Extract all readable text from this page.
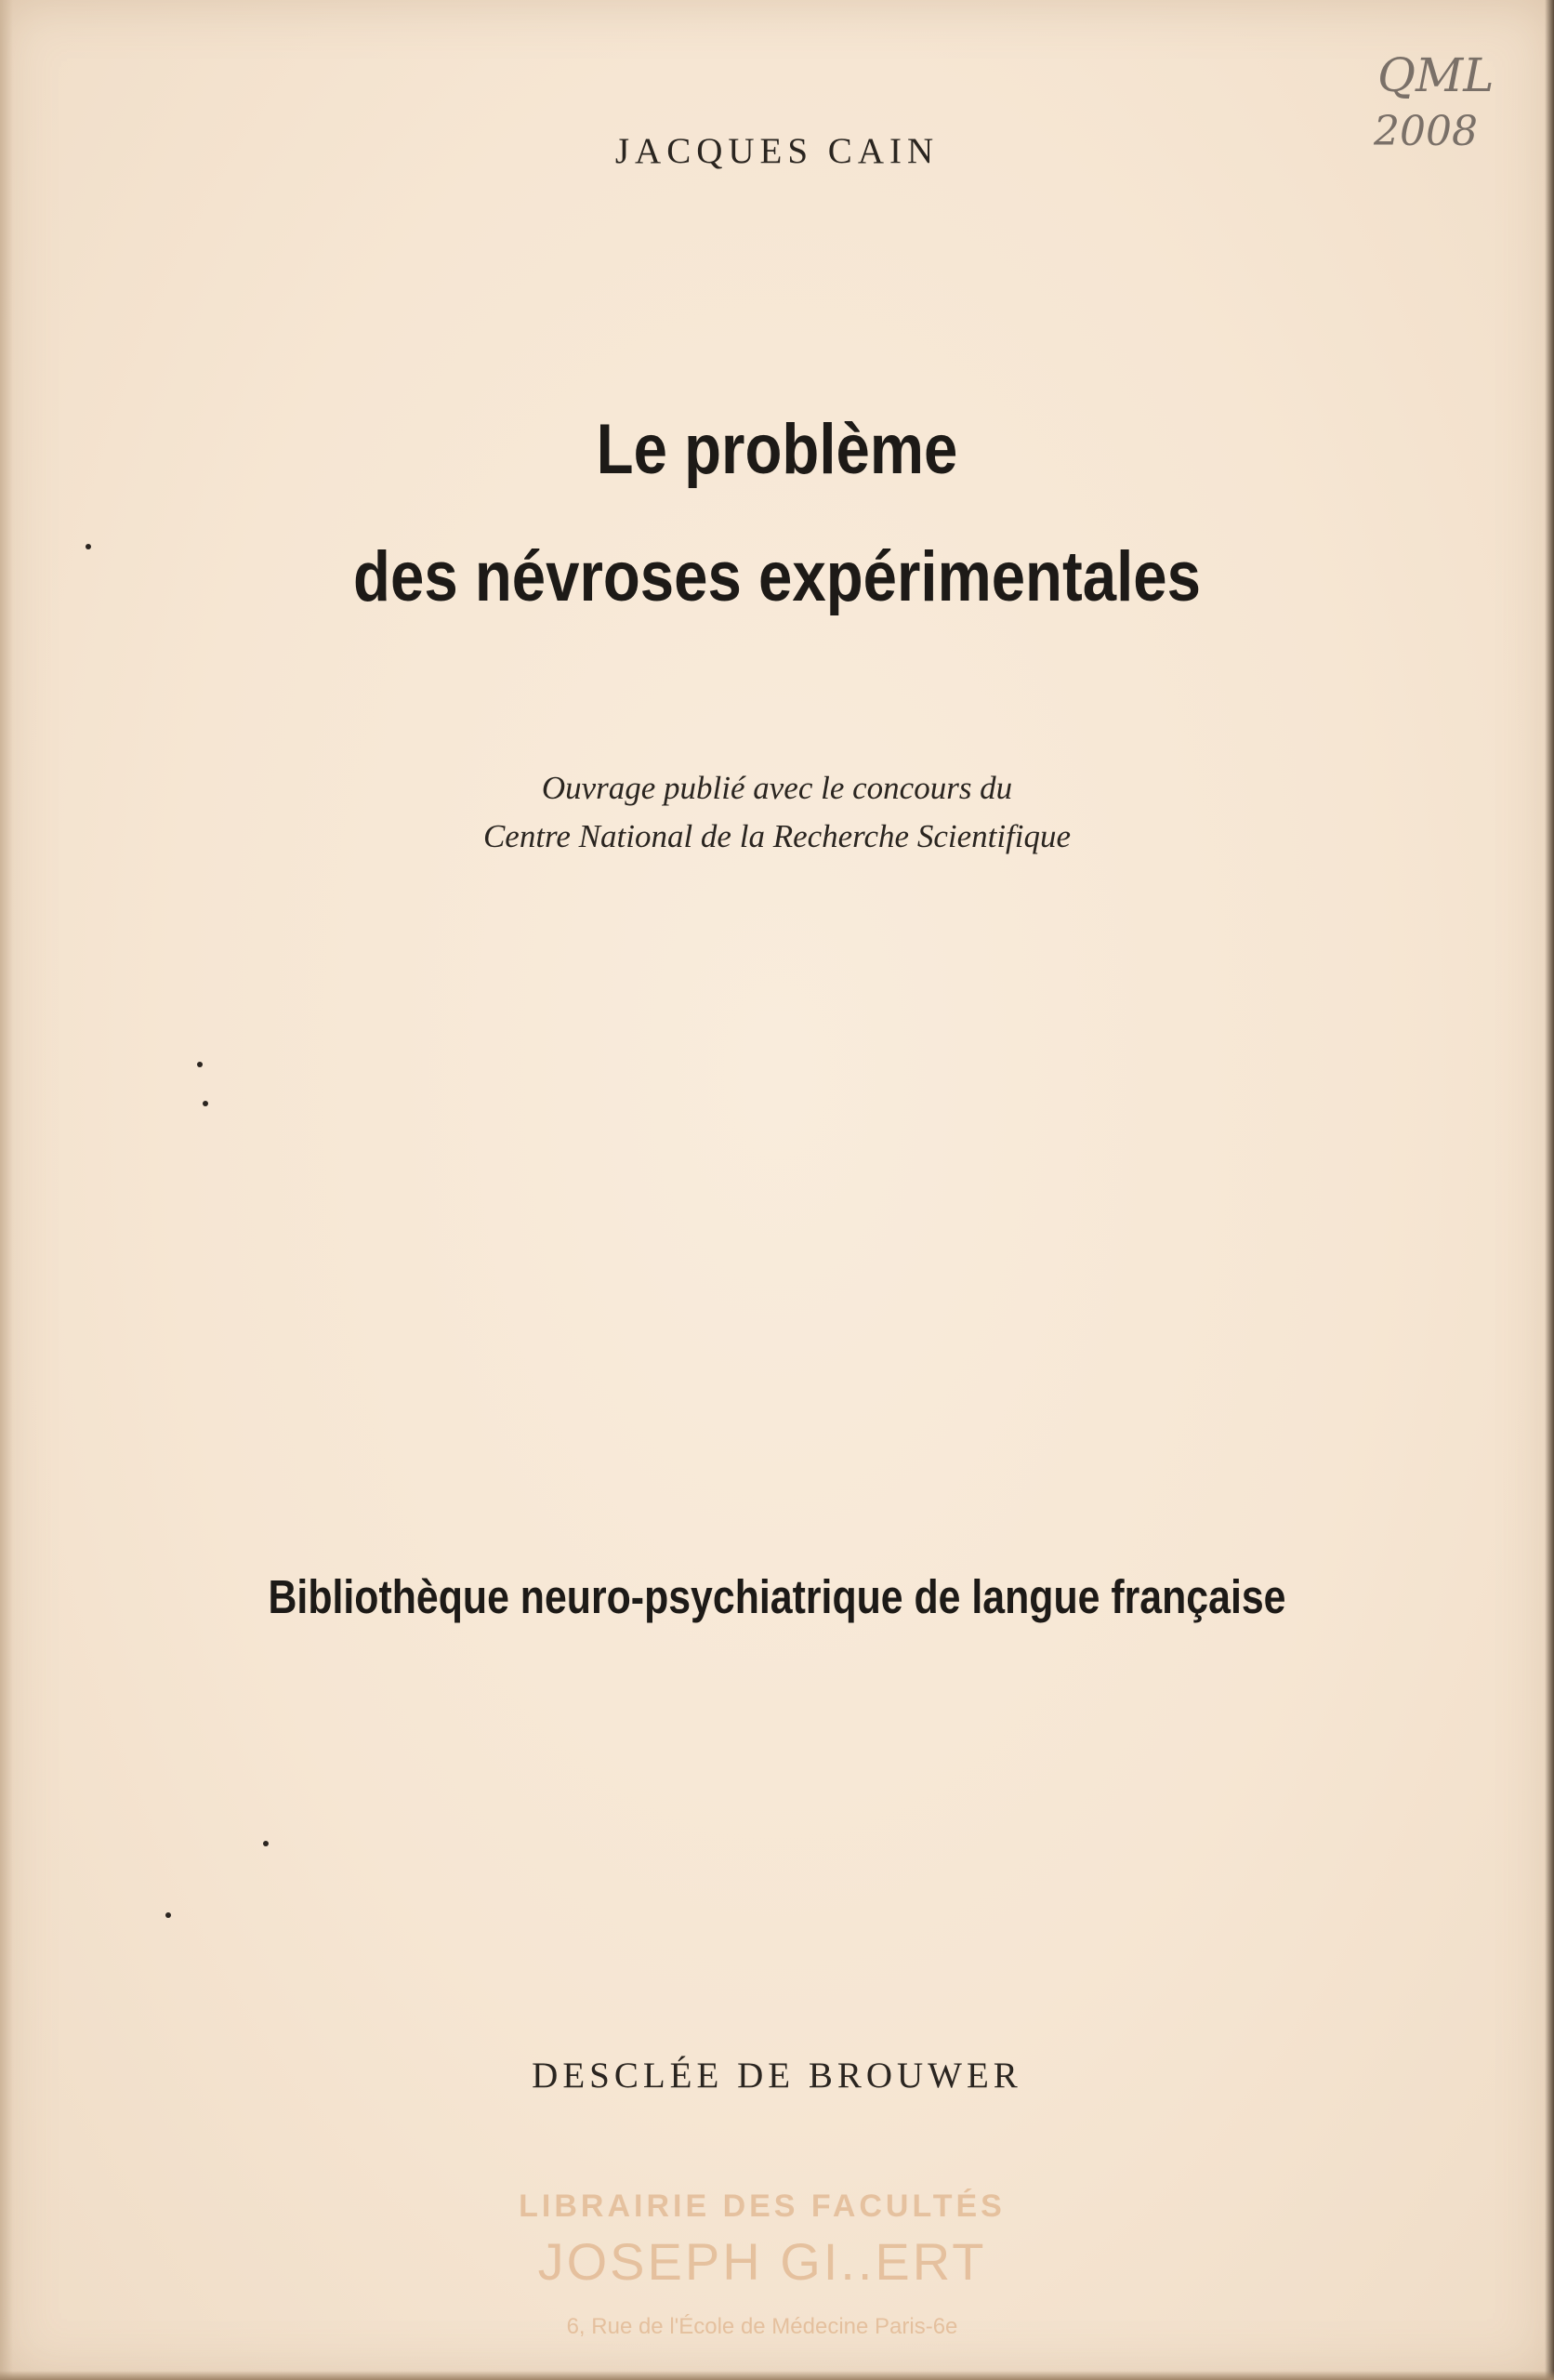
QML
2008

JACQUES CAIN

Le problème

des névroses expérimentales

Ouvrage publié avec le concours du

Centre National de la Recherche Scientifique

Bibliothèque neuro-psychiatrique de langue française

DESCLÉE DE BROUWER

LIBRAIRIE DES FACULTÉS
JOSEPH GI..ERT
6, Rue de l'École de Médecine Paris-6e
